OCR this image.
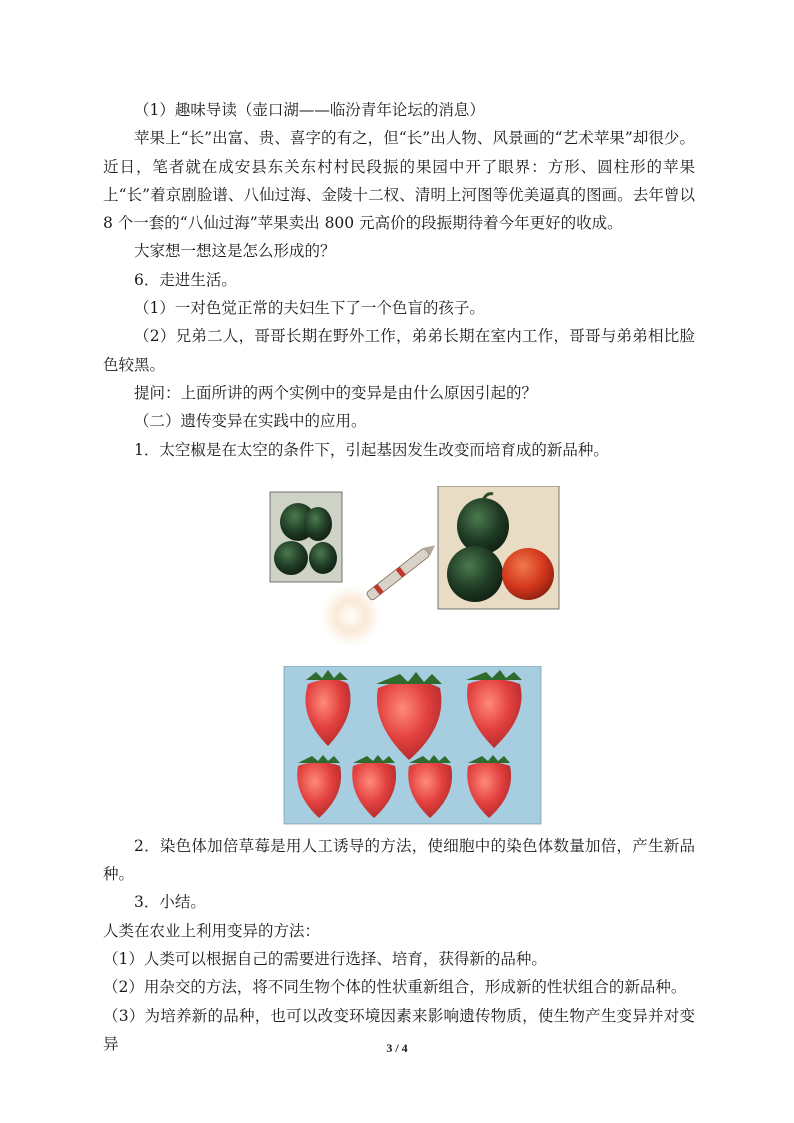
（1）趣味导读（壶口湖——临汾青年论坛的消息）

苹果上“长”出富、贵、喜字的有之，但“长”出人物、风景画的“艺术苹果”却很少。近日，笔者就在成安县东关东村村民段振的果园中开了眼界：方形、圆柱形的苹果上“长”着京剧脸谱、八仙过海、金陵十二杈、清明上河图等优美逼真的图画。去年曾以 8 个一套的“八仙过海”苹果卖出 800 元高价的段振期待着今年更好的收成。

大家想一想这是怎么形成的？

6．走进生活。

（1）一对色觉正常的夫妇生下了一个色盲的孩子。

（2）兄弟二人，哥哥长期在野外工作，弟弟长期在室内工作，哥哥与弟弟相比脸色较黑。

提问：上面所讲的两个实例中的变异是由什么原因引起的？

（二）遗传变异在实践中的应用。

1．太空椒是在太空的条件下，引起基因发生改变而培育成的新品种。

2．染色体加倍草莓是用人工诱导的方法，使细胞中的染色体数量加倍，产生新品种。

3．小结。

人类在农业上利用变异的方法：

（1）人类可以根据自己的需要进行选择、培育，获得新的品种。

（2）用杂交的方法，将不同生物个体的性状重新组合，形成新的性状组合的新品种。

（3）为培养新的品种，也可以改变环境因素来影响遗传物质，使生物产生变异并对变异	3 / 4
